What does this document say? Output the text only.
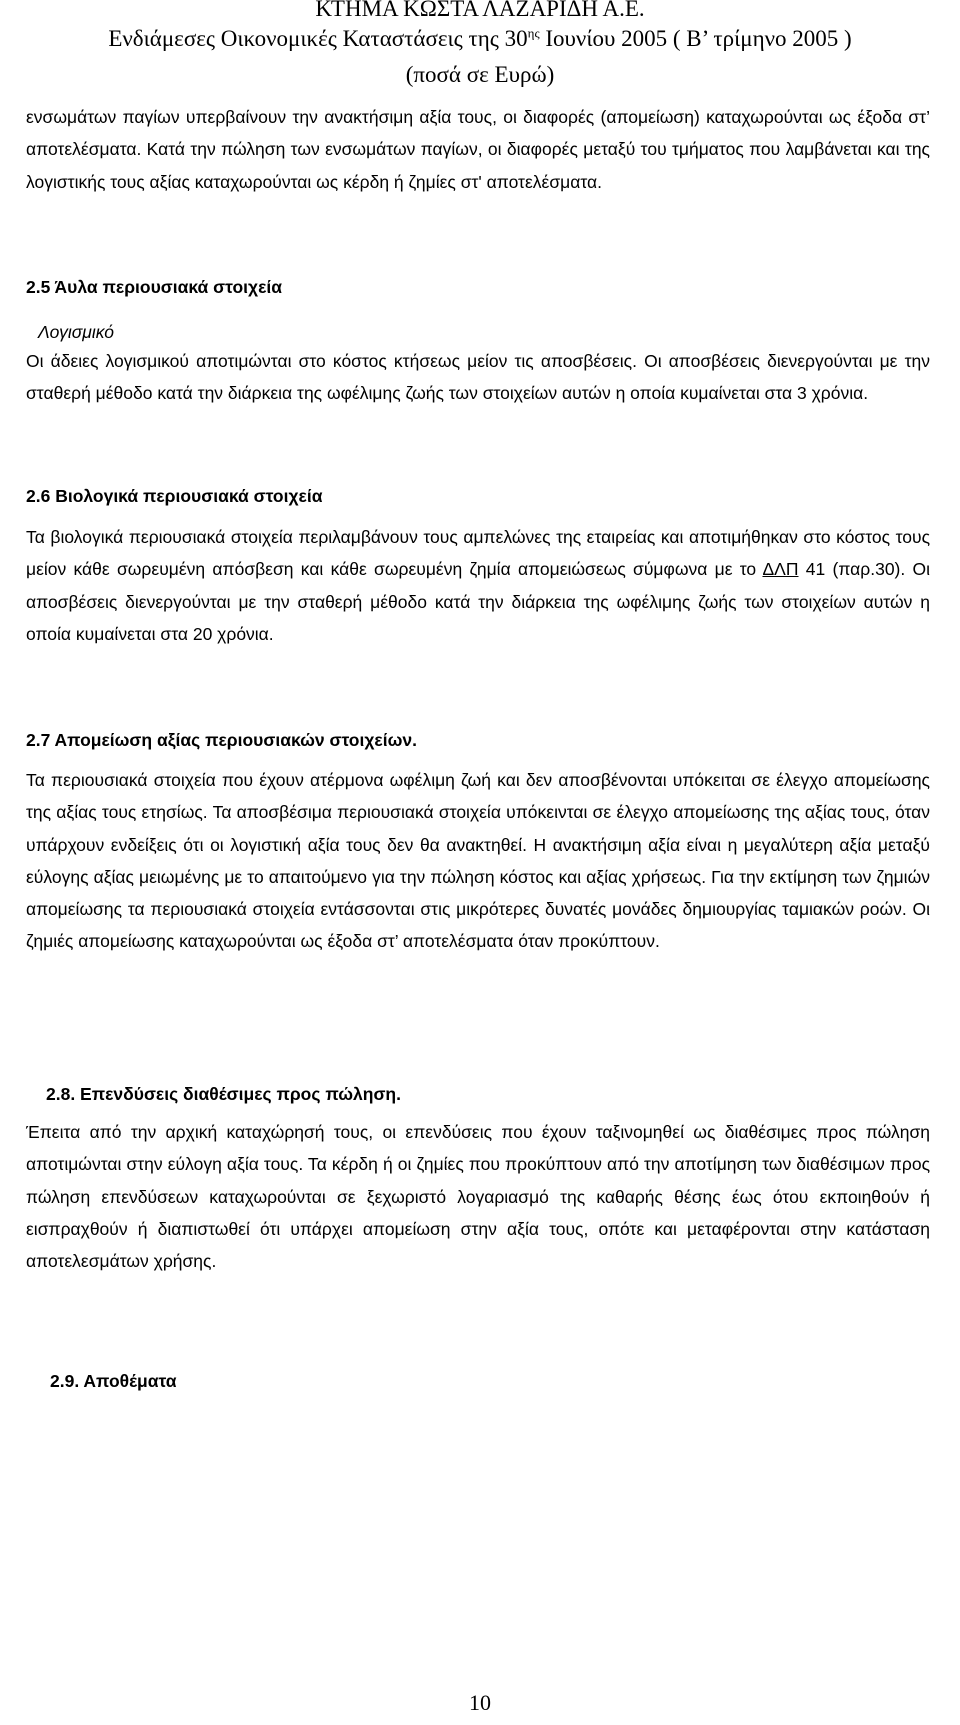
ΚΤΗΜΑ ΚΩΣΤΑ ΛΑΖΑΡΙΔΗ Α.Ε.
Ενδιάμεσες Οικονομικές Καταστάσεις της $30^{\eta\varsigma}$ Ιουνίου 2005 ( Β’ τρίμηνο 2005 )
(ποσά σε Ευρώ)

ενσωμάτων παγίων υπερβαίνουν την ανακτήσιμη αξία τους, οι διαφορές (απομείωση) καταχωρούνται ως έξοδα στ’ αποτελέσματα. Κατά την πώληση των ενσωμάτων παγίων, οι διαφορές μεταξύ του τμήματος που λαμβάνεται και της λογιστικής τους αξίας καταχωρούνται ως κέρδη ή ζημίες στ' αποτελέσματα.

2.5 Άυλα περιουσιακά στοιχεία
Λογισμικό

Οι άδειες λογισμικού αποτιμώνται στο κόστος κτήσεως μείον τις αποσβέσεις. Οι αποσβέσεις διενεργούνται με την σταθερή μέθοδο κατά την διάρκεια της ωφέλιμης ζωής των στοιχείων αυτών η οποία κυμαίνεται στα 3 χρόνια.

2.6 Βιολογικά περιουσιακά στοιχεία

Τα βιολογικά περιουσιακά στοιχεία περιλαμβάνουν τους αμπελώνες της εταιρείας και αποτιμήθηκαν στο κόστος τους μείον κάθε σωρευμένη απόσβεση και κάθε σωρευμένη ζημία απομειώσεως σύμφωνα με το ΔΛΠ 41 (παρ.30). Οι αποσβέσεις διενεργούνται με την σταθερή μέθοδο κατά την διάρκεια της ωφέλιμης ζωής των στοιχείων αυτών η οποία κυμαίνεται στα 20 χρόνια.

2.7 Απομείωση αξίας περιουσιακών στοιχείων.

Τα περιουσιακά στοιχεία που έχουν ατέρμονα ωφέλιμη ζωή και δεν αποσβένονται υπόκειται σε έλεγχο απομείωσης της αξίας τους ετησίως. Τα αποσβέσιμα περιουσιακά στοιχεία υπόκεινται σε έλεγχο απομείωσης της αξίας τους, όταν υπάρχουν ενδείξεις ότι οι λογιστική αξία τους δεν θα ανακτηθεί. Η ανακτήσιμη αξία είναι η μεγαλύτερη αξία μεταξύ εύλογης αξίας μειωμένης με το απαιτούμενο για την πώληση κόστος και αξίας χρήσεως. Για την εκτίμηση των ζημιών απομείωσης τα περιουσιακά στοιχεία εντάσσονται στις μικρότερες δυνατές μονάδες δημιουργίας ταμιακών ροών. Οι ζημιές απομείωσης καταχωρούνται ως έξοδα στ’ αποτελέσματα όταν προκύπτουν.

2.8. Επενδύσεις διαθέσιμες προς πώληση.

Έπειτα από την αρχική καταχώρησή τους, οι επενδύσεις που έχουν ταξινομηθεί ως διαθέσιμες προς πώληση αποτιμώνται στην εύλογη αξία τους. Τα κέρδη ή οι ζημίες που προκύπτουν από την αποτίμηση των διαθέσιμων προς πώληση επενδύσεων καταχωρούνται σε ξεχωριστό λογαριασμό της καθαρής θέσης έως ότου εκποιηθούν ή εισπραχθούν ή διαπιστωθεί ότι υπάρχει απομείωση στην αξία τους, οπότε και μεταφέρονται στην κατάσταση αποτελεσμάτων χρήσης.

2.9. Αποθέματα
10
